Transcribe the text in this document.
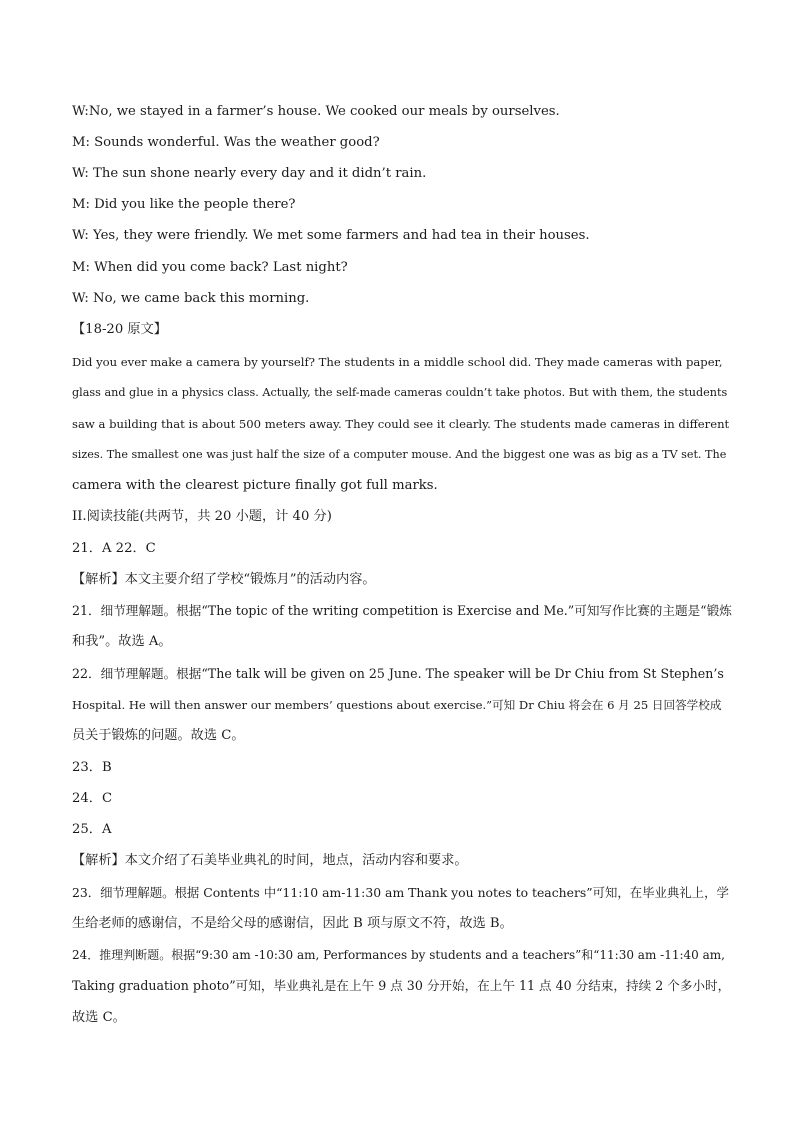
W:No, we stayed in a farmer’s house. We cooked our meals by ourselves.
M: Sounds wonderful. Was the weather good?
W: The sun shone nearly every day and it didn’t rain.
M: Did you like the people there?
W: Yes, they were friendly. We met some farmers and had tea in their houses.
M: When did you come back? Last night?
W: No, we came back this morning.
【18-20 原文】
Did you ever make a camera by yourself? The students in a middle school did. They made cameras with paper,
glass and glue in a physics class. Actually, the self-made cameras couldn’t take photos. But with them, the students
saw a building that is about 500 meters away. They could see it clearly. The students made cameras in different
sizes. The smallest one was just half the size of a computer mouse. And the biggest one was as big as a TV set. The
camera with the clearest picture finally got full marks.
II.阅读技能(共两节，共 20 小题，计 40 分)
21．A 22．C
【解析】本文主要介绍了学校“锻炼月”的活动内容。
21．细节理解题。根据“The topic of the writing competition is Exercise and Me.”可知写作比赛的主题是“锻炼
和我”。故选 A。
22．细节理解题。根据“The talk will be given on 25 June. The speaker will be Dr Chiu from St Stephen’s
Hospital. He will then answer our members’ questions about exercise.”可知 Dr Chiu 将会在 6 月 25 日回答学校成
员关于锻炼的问题。故选 C。
23．B
24．C
25．A
【解析】本文介绍了石美毕业典礼的时间，地点，活动内容和要求。
23．细节理解题。根据 Contents 中“11:10 am-11:30 am Thank you notes to teachers”可知，在毕业典礼上，学
生给老师的感谢信，不是给父母的感谢信，因此 B 项与原文不符，故选 B。
24．推理判断题。根据“9:30 am -10:30 am, Performances by students and a teachers”和“11:30 am -11:40 am,
Taking graduation photo”可知，毕业典礼是在上午 9 点 30 分开始，在上午 11 点 40 分结束，持续 2 个多小时，
故选 C。
